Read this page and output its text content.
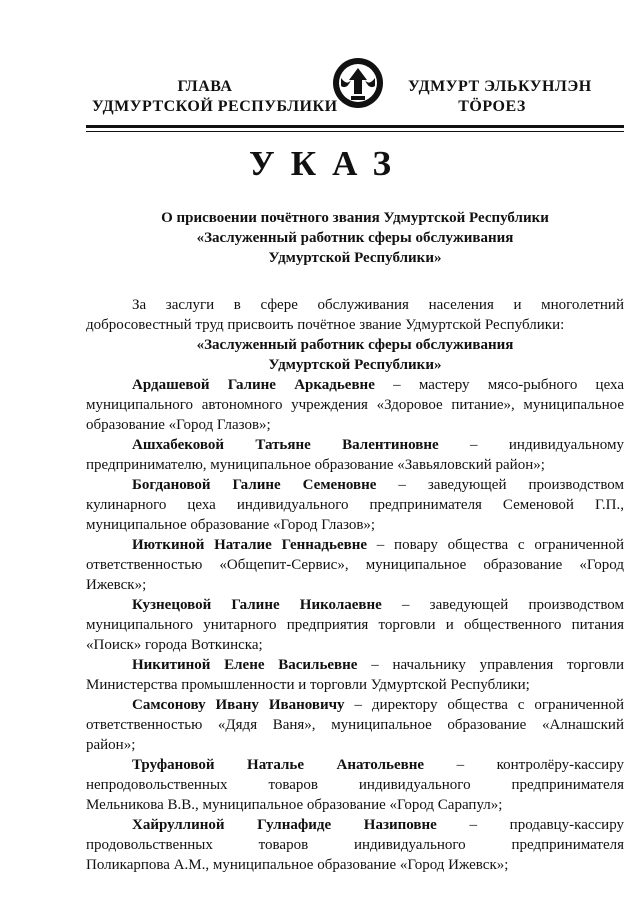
ГЛАВА
УДМУРТСКОЙ РЕСПУБЛИКИ
УДМУРТ ЭЛЬКУНЛЭН
ТӦРОЕЗ
УКАЗ
О присвоении почётного звания Удмуртской Республики
«Заслуженный работник сферы обслуживания
Удмуртской Республики»
За заслуги в сфере обслуживания населения и многолетний
добросовестный труд присвоить почётное звание Удмуртской Республики:
«Заслуженный работник сферы обслуживания
Удмуртской Республики»
Ардашевой Галине Аркадьевне – мастеру мясо-рыбного цеха
муниципального автономного учреждения «Здоровое питание», муниципальное
образование «Город Глазов»;
Ашхабековой Татьяне Валентиновне – индивидуальному
предпринимателю, муниципальное образование «Завьяловский район»;
Богдановой Галине Семеновне – заведующей производством
кулинарного цеха индивидуального предпринимателя Семеновой Г.П.,
муниципальное образование «Город Глазов»;
Июткиной Наталие Геннадьевне – повару общества с ограниченной
ответственностью «Общепит-Сервис», муниципальное образование «Город
Ижевск»;
Кузнецовой Галине Николаевне – заведующей производством
муниципального унитарного предприятия торговли и общественного питания
«Поиск» города Воткинска;
Никитиной Елене Васильевне – начальнику управления торговли
Министерства промышленности и торговли Удмуртской Республики;
Самсонову Ивану Ивановичу – директору общества с ограниченной
ответственностью «Дядя Ваня», муниципальное образование «Алнашский
район»;
Труфановой Наталье Анатольевне – контролёру-кассиру
непродовольственных товаров индивидуального предпринимателя
Мельникова В.В., муниципальное образование «Город Сарапул»;
Хайруллиной Гулнафиде Назиповне – продавцу-кассиру
продовольственных товаров индивидуального предпринимателя
Поликарпова А.М., муниципальное образование «Город Ижевск»;
